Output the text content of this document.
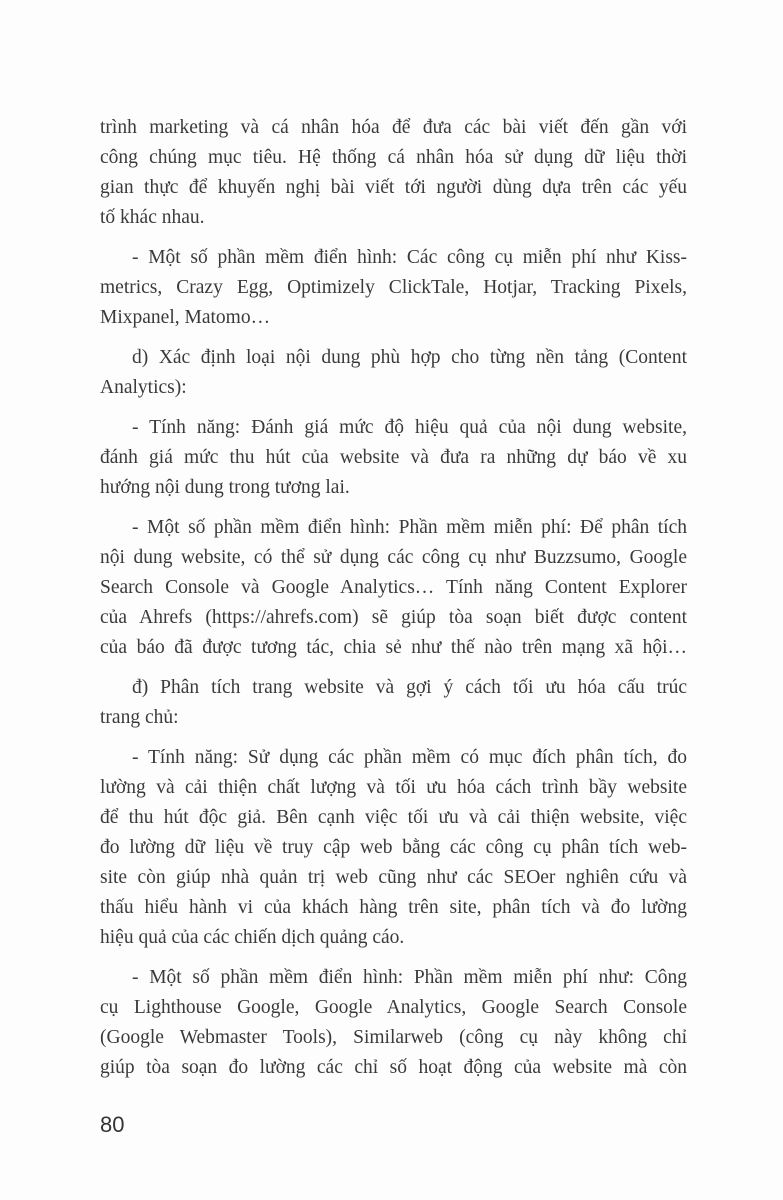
trình marketing và cá nhân hóa để đưa các bài viết đến gần với
công chúng mục tiêu. Hệ thống cá nhân hóa sử dụng dữ liệu thời
gian thực để khuyến nghị bài viết tới người dùng dựa trên các yếu
tố khác nhau.
- Một số phần mềm điển hình: Các công cụ miễn phí như Kiss-
metrics, Crazy Egg, Optimizely ClickTale, Hotjar, Tracking Pixels,
Mixpanel, Matomo…
d) Xác định loại nội dung phù hợp cho từng nền tảng (Content
Analytics):
- Tính năng: Đánh giá mức độ hiệu quả của nội dung website,
đánh giá mức thu hút của website và đưa ra những dự báo về xu
hướng nội dung trong tương lai.
- Một số phần mềm điển hình: Phần mềm miễn phí: Để phân tích
nội dung website, có thể sử dụng các công cụ như Buzzsumo, Google
Search Console và Google Analytics… Tính năng Content Explorer
của Ahrefs (https://ahrefs.com) sẽ giúp tòa soạn biết được content
của báo đã được tương tác, chia sẻ như thế nào trên mạng xã hội…
đ) Phân tích trang website và gợi ý cách tối ưu hóa cấu trúc
trang chủ:
- Tính năng: Sử dụng các phần mềm có mục đích phân tích, đo
lường và cải thiện chất lượng và tối ưu hóa cách trình bầy website
để thu hút độc giả. Bên cạnh việc tối ưu và cải thiện website, việc
đo lường dữ liệu về truy cập web bằng các công cụ phân tích web-
site còn giúp nhà quản trị web cũng như các SEOer nghiên cứu và
thấu hiểu hành vi của khách hàng trên site, phân tích và đo lường
hiệu quả của các chiến dịch quảng cáo.
- Một số phần mềm điển hình: Phần mềm miễn phí như: Công
cụ Lighthouse Google, Google Analytics, Google Search Console
(Google Webmaster Tools), Similarweb (công cụ này không chỉ
giúp tòa soạn đo lường các chỉ số hoạt động của website mà còn
80
